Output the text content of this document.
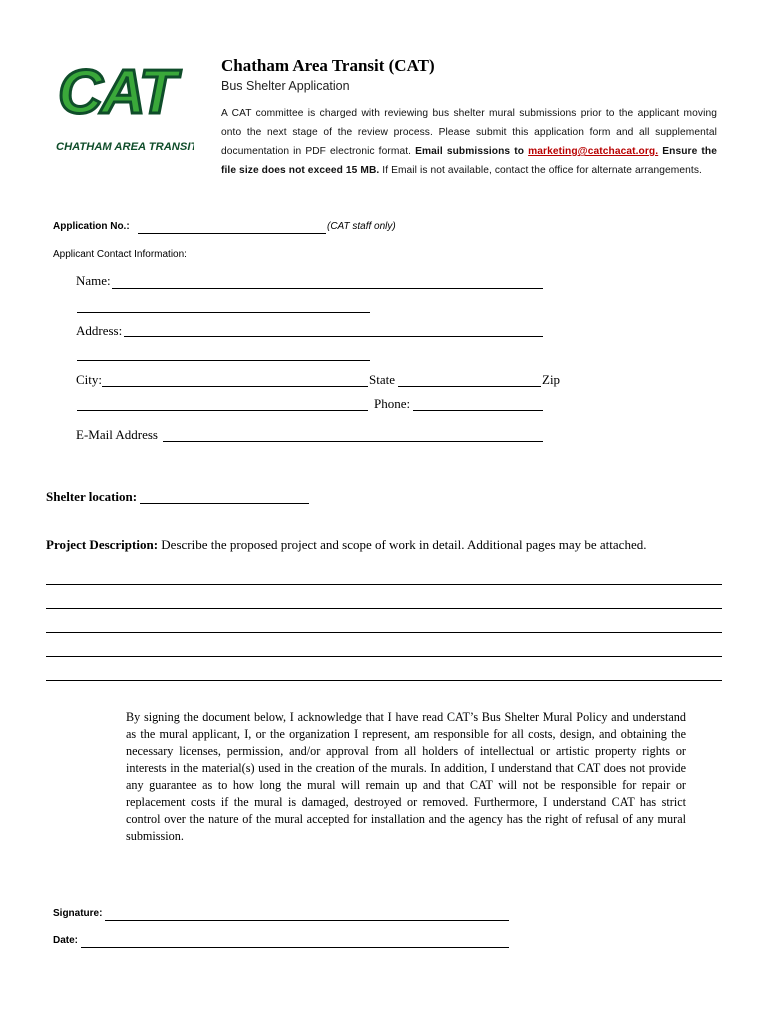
CAT
CHATHAM AREA TRANSIT
Chatham Area Transit (CAT)
Bus Shelter Application
A CAT committee is charged with reviewing bus shelter mural submissions prior to the applicant moving onto the next stage of the review process. Please submit this application form and all supplemental documentation in PDF electronic format. Email submissions to marketing@catchacat.org. Ensure the file size does not exceed 15 MB. If Email is not available, contact the office for alternate arrangements.
Application No.:	(CAT staff only)
Applicant Contact Information:
Name:
Address:
City:	State	Zip
Phone:
E-Mail Address
Shelter location:
Project Description: Describe the proposed project and scope of work in detail. Additional pages may be attached.
By signing the document below, I acknowledge that I have read CAT’s Bus Shelter Mural Policy and understand as the mural applicant, I, or the organization I represent, am responsible for all costs, design, and obtaining the necessary licenses, permission, and/or approval from all holders of intellectual or artistic property rights or interests in the material(s) used in the creation of the murals. In addition, I understand that CAT does not provide any guarantee as to how long the mural will remain up and that CAT will not be responsible for repair or replacement costs if the mural is damaged, destroyed or removed. Furthermore, I understand CAT has strict control over the nature of the mural accepted for installation and the agency has the right of refusal of any mural submission.
Signature:
Date:
